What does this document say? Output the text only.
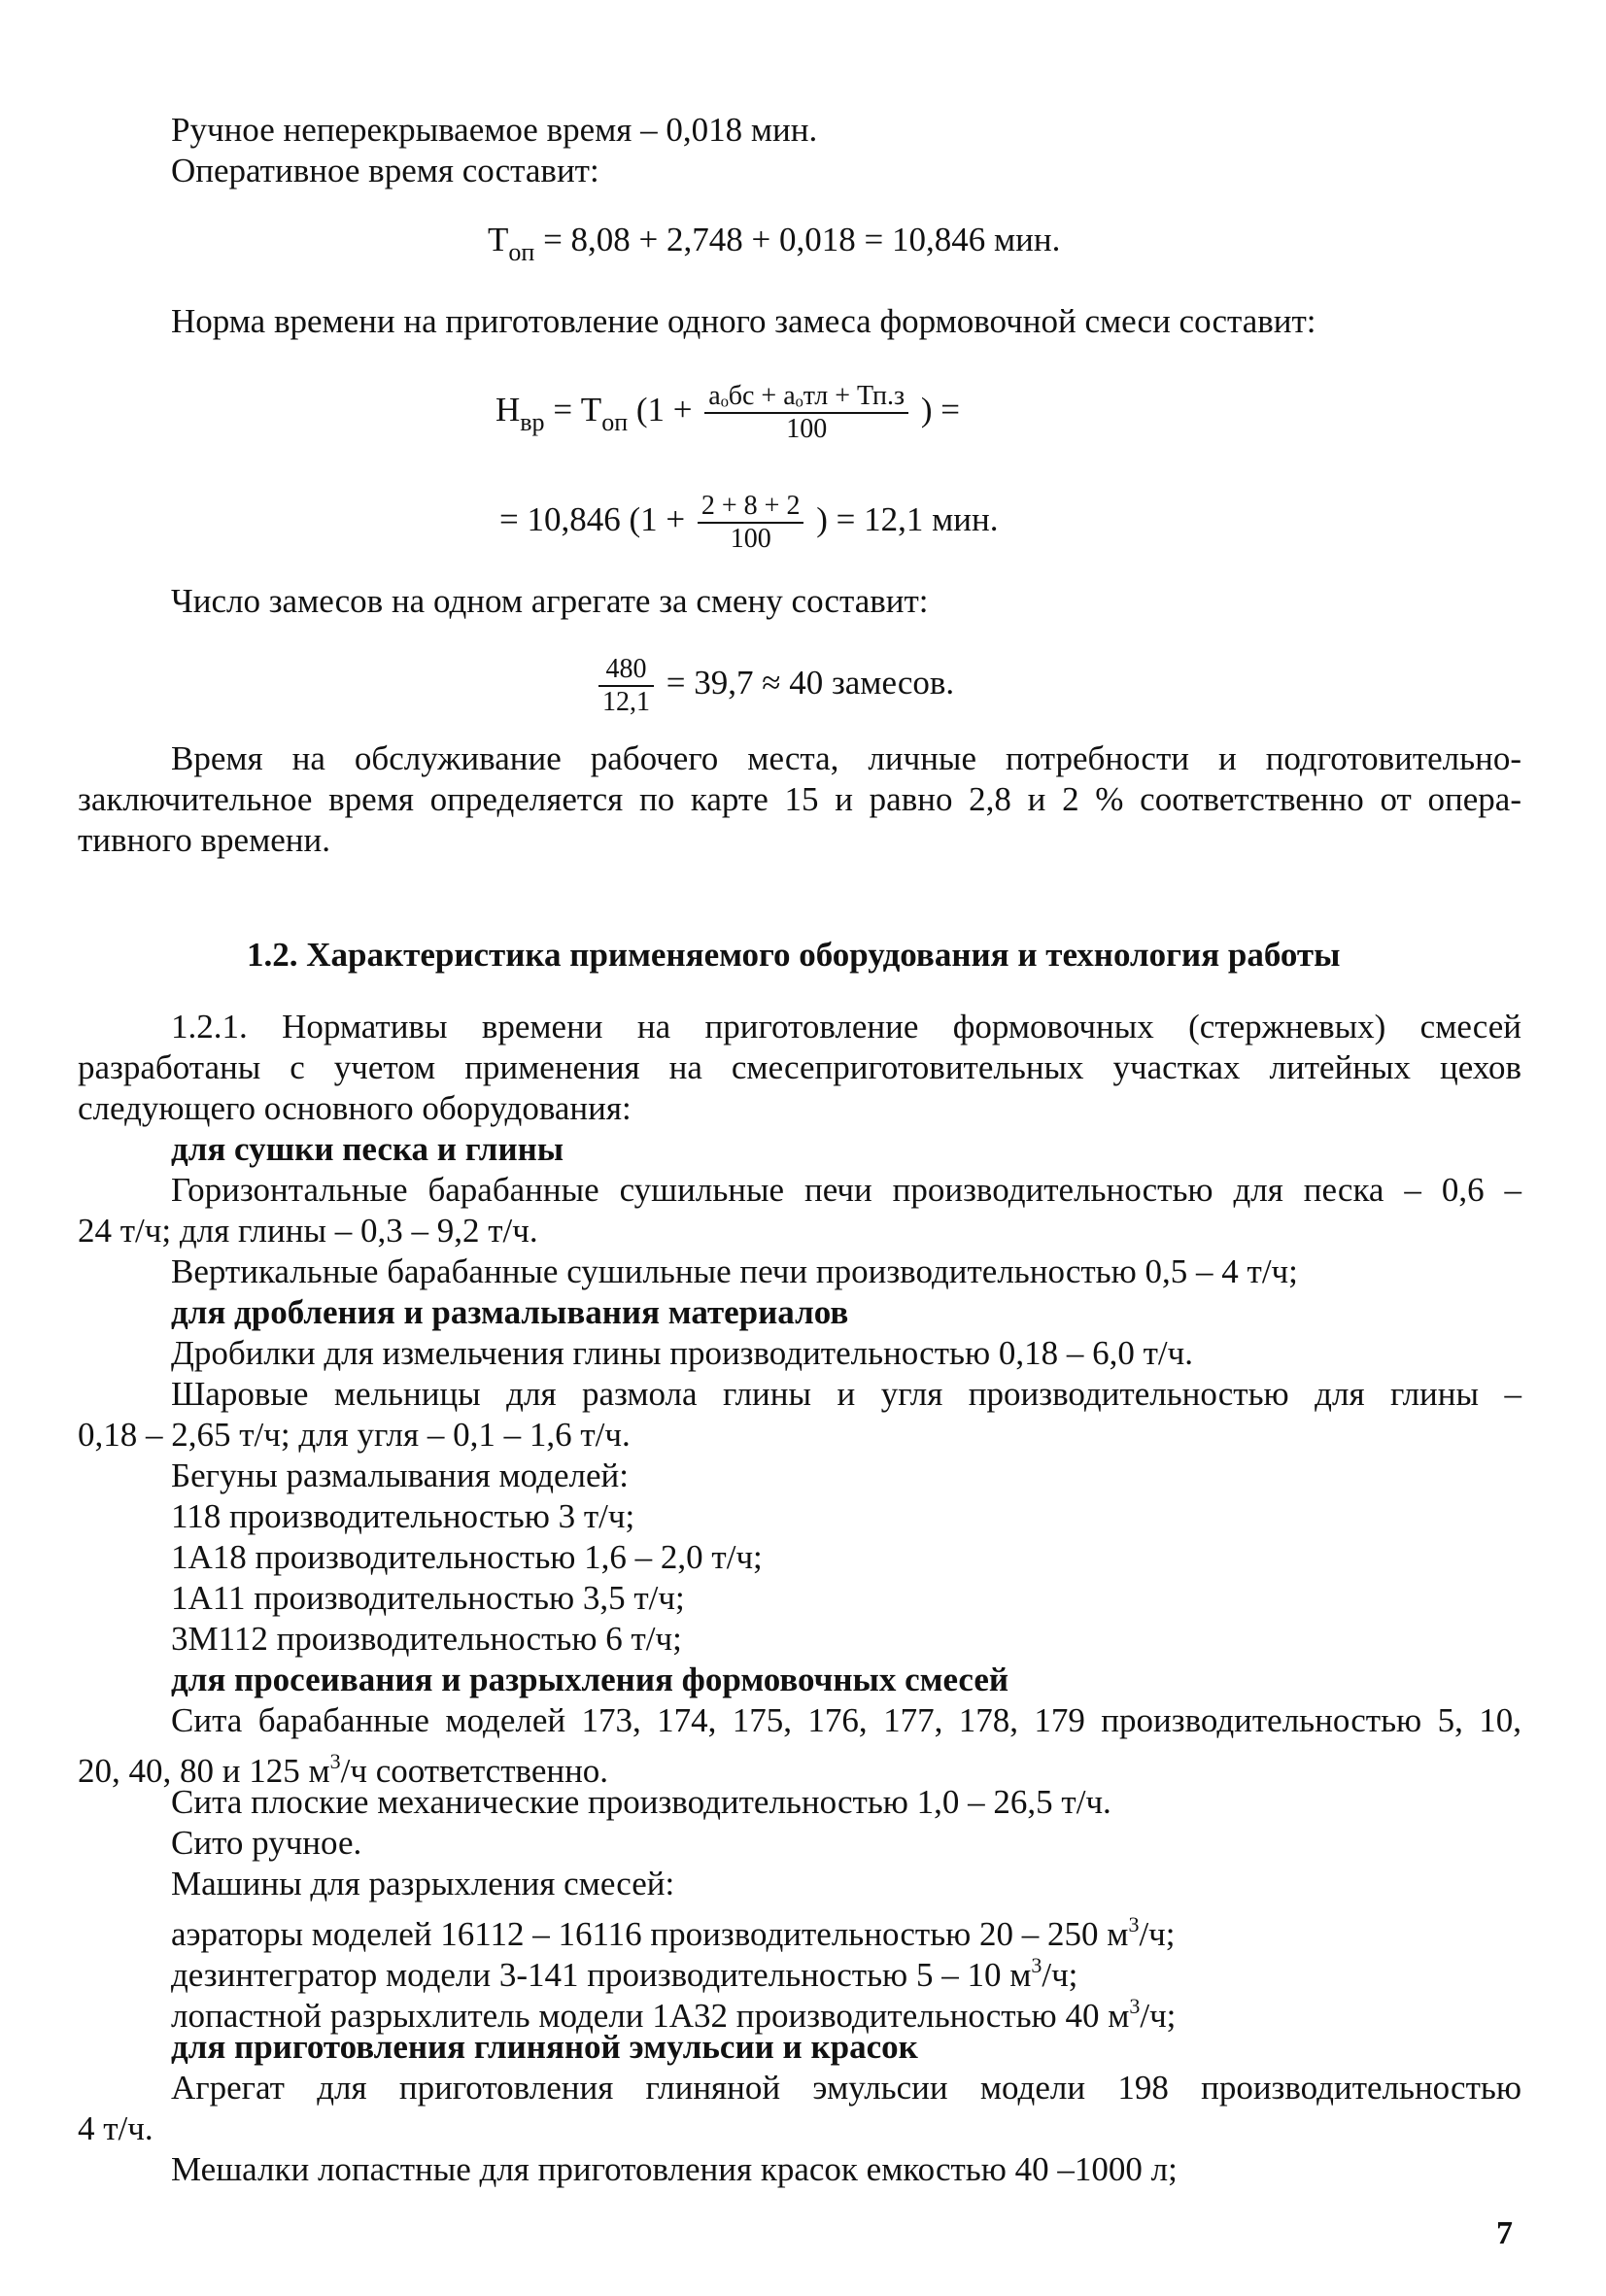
Ручное неперекрываемое время – 0,018 мин.
Оперативное время составит:
$Т_{оп} = 8,08 + 2,748 + 0,018 = 10,846$ мин.
Норма времени на приготовление одного замеса формовочной смеси составит:
$Н_{вр} = Т_{оп}$ ($1 + \frac{\text{aₒбс + aₒтл + Тп.з}}{100}$ ) =
= 10,846 ($1 + \frac{2 + 8 + 2}{100}$ ) = 12,1 мин.
Число замесов на одном агрегате за смену составит:
$\frac{480}{12,1} = 39,7 \approx 40$ замесов.
Время на обслуживание рабочего места, личные потребности и подготовительно-
заключительное время определяется по карте 15 и равно 2,8 и 2 % соответственно от опера-
тивного времени.
1.2. Характеристика применяемого оборудования и технология работы
1.2.1. Нормативы времени на приготовление формовочных (стержневых) смесей
разработаны с учетом применения на смесеприготовительных участках литейных цехов
следующего основного оборудования:
для сушки песка и глины
Горизонтальные барабанные сушильные печи производительностью для песка – 0,6 –
24 т/ч; для глины – 0,3 – 9,2 т/ч.
Вертикальные барабанные сушильные печи производительностью 0,5 – 4 т/ч;
для дробления и размалывания материалов
Дробилки для измельчения глины производительностью 0,18 – 6,0 т/ч.
Шаровые мельницы для размола глины и угля производительностью для глины –
0,18 – 2,65 т/ч; для угля – 0,1 – 1,6 т/ч.
Бегуны размалывания моделей:
118 производительностью 3 т/ч;
1А18 производительностью 1,6 – 2,0 т/ч;
1А11 производительностью 3,5 т/ч;
3М112 производительностью 6 т/ч;
для просеивания и разрыхления формовочных смесей
Сита барабанные моделей 173, 174, 175, 176, 177, 178, 179 производительностью 5, 10,
20, 40, 80 и 125 $м^3/ч$ соответственно.
Сита плоские механические производительностью 1,0 – 26,5 т/ч.
Сито ручное.
Машины для разрыхления смесей:
аэраторы моделей 16112 – 16116 производительностью 20 – 250 $м^3/ч$;
дезинтегратор модели 3-141 производительностью 5 – 10 $м^3/ч$;
лопастной разрыхлитель модели 1А32 производительностью 40 $м^3/ч$;
для приготовления глиняной эмульсии и красок
Агрегат для приготовления глиняной эмульсии модели 198 производительностью
4 т/ч.
Мешалки лопастные для приготовления красок емкостью 40 –1000 л;
7
